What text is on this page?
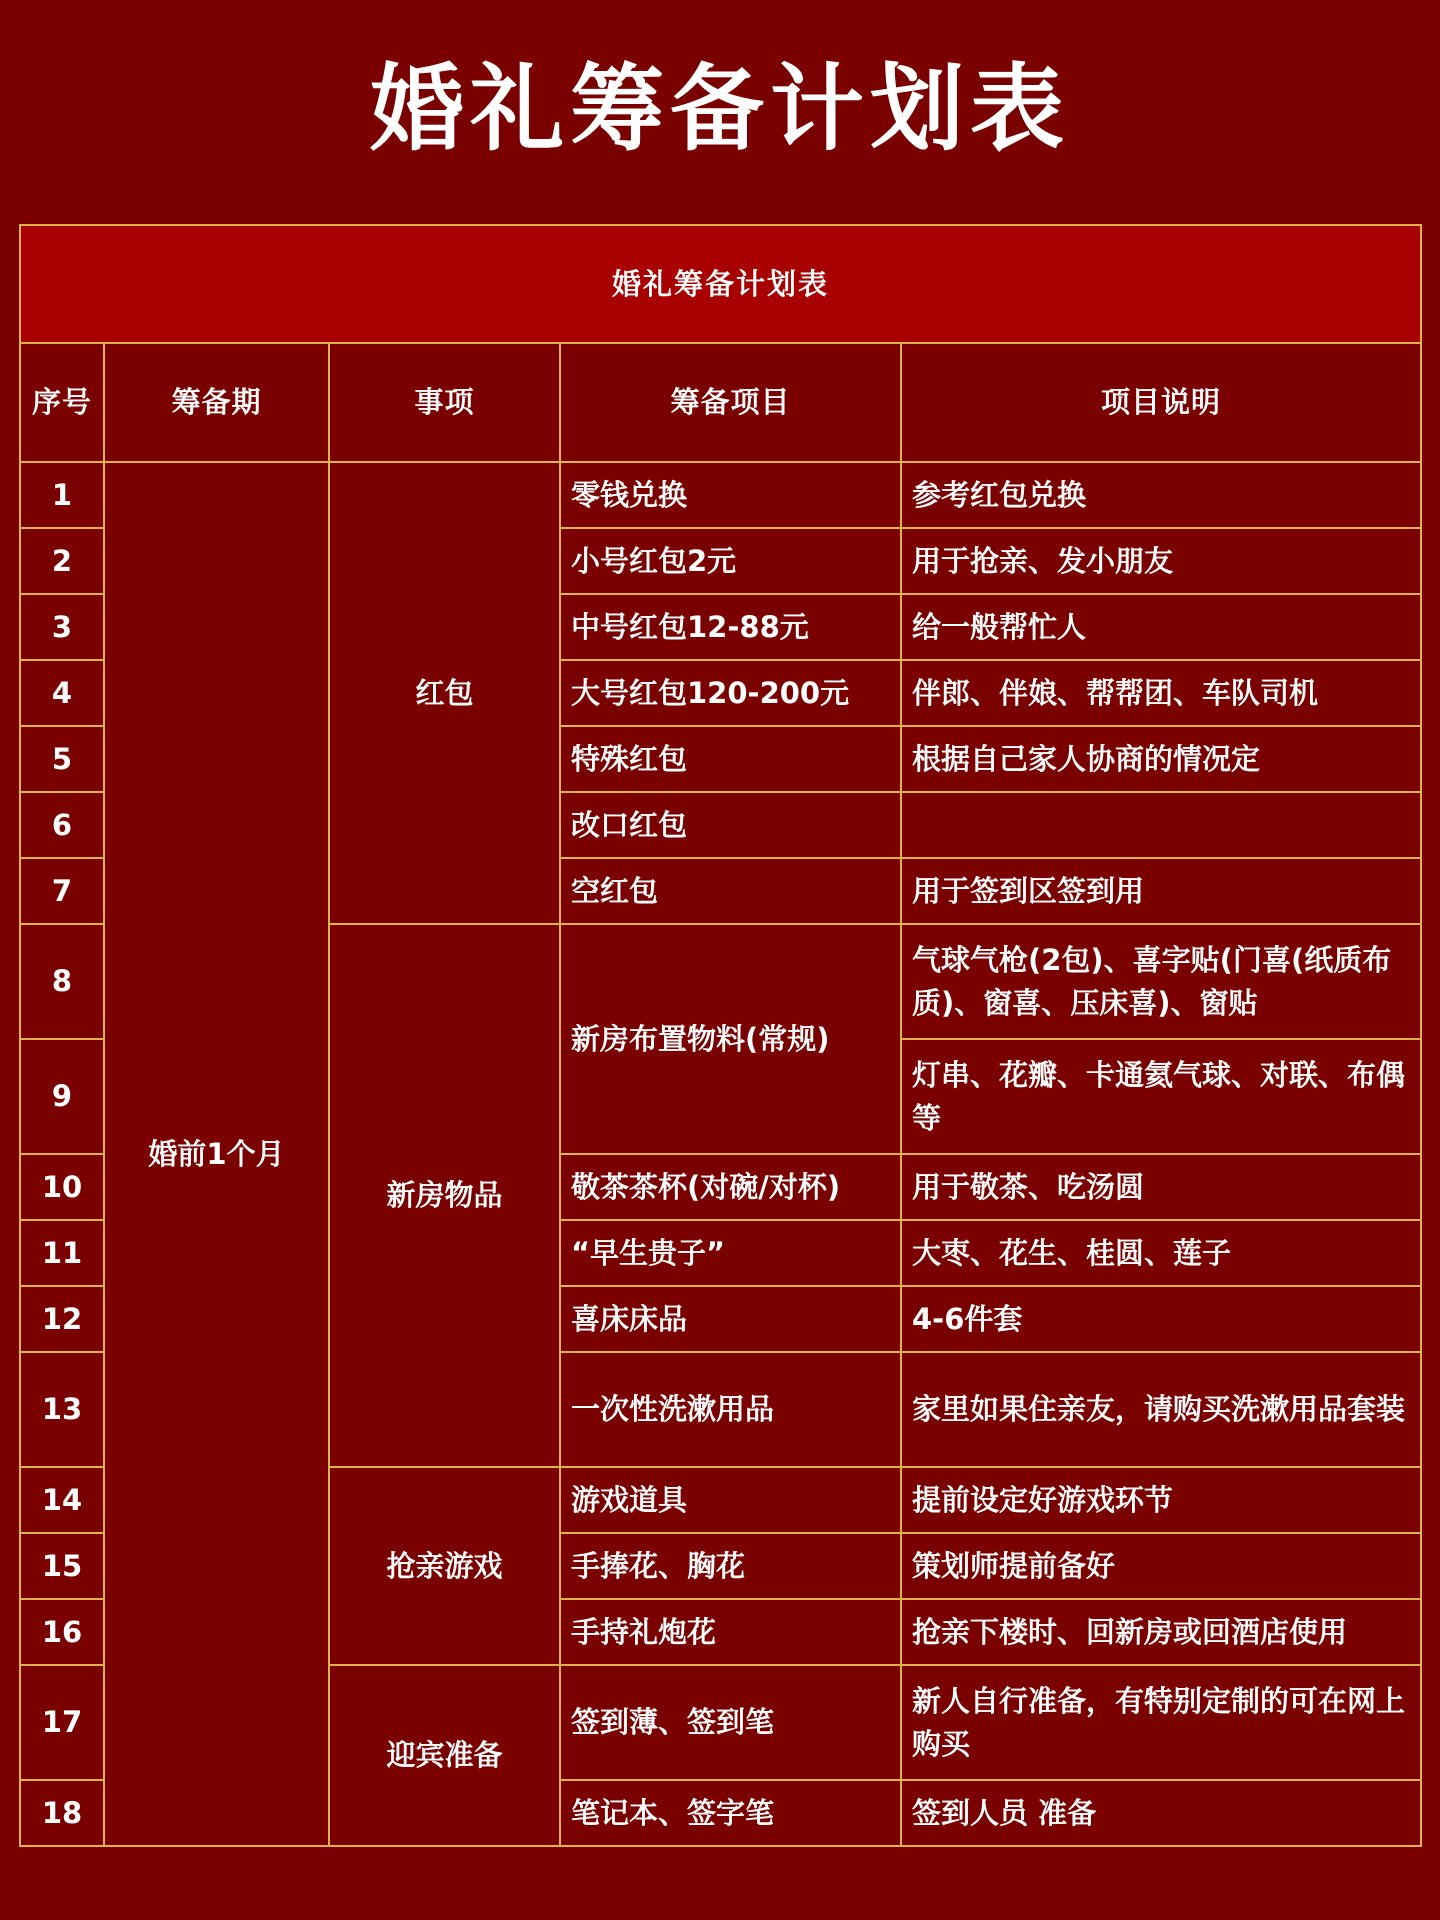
婚礼筹备计划表
婚礼筹备计划表				
序号	筹备期	事项	筹备项目	项目说明
1	婚前1个月	红包	零钱兑换	参考红包兑换
2			小号红包2元	用于抢亲、发小朋友
3			中号红包12-88元	给一般帮忙人
4			大号红包120-200元	伴郎、伴娘、帮帮团、车队司机
5			特殊红包	根据自己家人协商的情况定
6			改口红包	
7			空红包	用于签到区签到用
8		新房物品	新房布置物料(常规)	气球气枪(2包)、喜字贴(门喜(纸质布质)、窗喜、压床喜)、窗贴
9				灯串、花瓣、卡通氦气球、对联、布偶等
10			敬茶茶杯(对碗/对杯)	用于敬茶、吃汤圆
11			“早生贵子”	大枣、花生、桂圆、莲子
12			喜床床品	4-6件套
13			一次性洗漱用品	家里如果住亲友，请购买洗漱用品套装
14		抢亲游戏	游戏道具	提前设定好游戏环节
15			手捧花、胸花	策划师提前备好
16			手持礼炮花	抢亲下楼时、回新房或回酒店使用
17		迎宾准备	签到薄、签到笔	新人自行准备，有特别定制的可在网上购买
18			笔记本、签字笔	签到人员 准备
